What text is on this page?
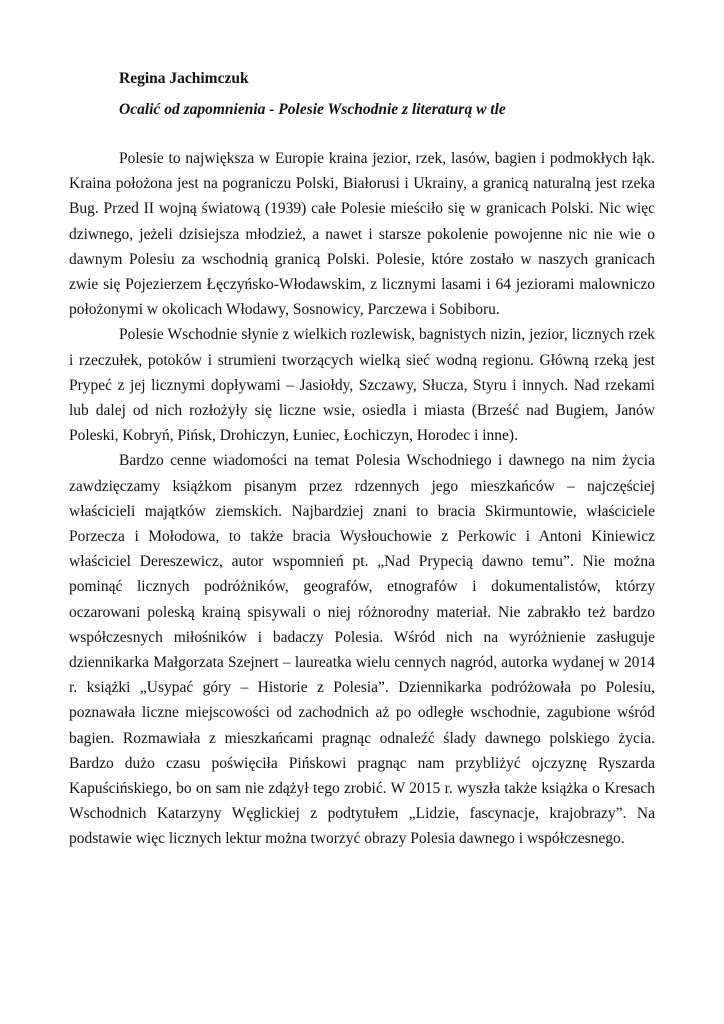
Regina Jachimczuk

Ocalić od zapomnienia - Polesie Wschodnie z literaturą w tle

Polesie to największa w Europie kraina jezior, rzek, lasów, bagien i podmokłych łąk. Kraina położona jest na pograniczu Polski, Białorusi i Ukrainy, a granicą naturalną jest rzeka Bug. Przed II wojną światową (1939) całe Polesie mieściło się w granicach Polski. Nic więc dziwnego, jeżeli dzisiejsza młodzież, a nawet i starsze pokolenie powojenne nic nie wie o dawnym Polesiu za wschodnią granicą Polski. Polesie, które zostało w naszych granicach zwie się Pojezierzem Łęczyńsko-Włodawskim, z licznymi lasami i 64 jeziorami malowniczo położonymi w okolicach Włodawy, Sosnowicy, Parczewa i Sobiboru.

Polesie Wschodnie słynie z wielkich rozlewisk, bagnistych nizin, jezior, licznych rzek i rzeczułek, potoków i strumieni tworzących wielką sieć wodną regionu. Główną rzeką jest Prypeć z jej licznymi dopływami – Jasiołdy, Szczawy, Słucza, Styru i innych. Nad rzekami lub dalej od nich rozłożyły się liczne wsie, osiedla i miasta (Brześć nad Bugiem, Janów Poleski, Kobryń, Pińsk, Drohiczyn, Łuniec, Łochiczyn, Horodec i inne).

Bardzo cenne wiadomości na temat Polesia Wschodniego i dawnego na nim życia zawdzięczamy książkom pisanym przez rdzennych jego mieszkańców – najczęściej właścicieli majątków ziemskich. Najbardziej znani to bracia Skirmuntowie, właściciele Porzecza i Mołodowa, to także bracia Wysłouchowie z Perkowic i Antoni Kiniewicz właściciel Dereszewicz, autor wspomnień pt. „Nad Prypecią dawno temu”. Nie można pominąć licznych podróżników, geografów, etnografów i dokumentalistów, którzy oczarowani poleską krainą spisywali o niej różnorodny materiał. Nie zabrakło też bardzo współczesnych miłośników i badaczy Polesia. Wśród nich na wyróżnienie zasługuje dziennikarka Małgorzata Szejnert – laureatka wielu cennych nagród, autorka wydanej w 2014 r. książki „Usypać góry – Historie z Polesia”. Dziennikarka podróżowała po Polesiu, poznawała liczne miejscowości od zachodnich aż po odległe wschodnie, zagubione wśród bagien. Rozmawiała z mieszkańcami pragnąc odnaleźć ślady dawnego polskiego życia. Bardzo dużo czasu poświęciła Pińskowi pragnąc nam przybliżyć ojczyznę Ryszarda Kapuścińskiego, bo on sam nie zdążył tego zrobić. W 2015 r. wyszła także książka o Kresach Wschodnich Katarzyny Węglickiej z podtytułem „Lidzie, fascynacje, krajobrazy”. Na podstawie więc licznych lektur można tworzyć obrazy Polesia dawnego i współczesnego.
